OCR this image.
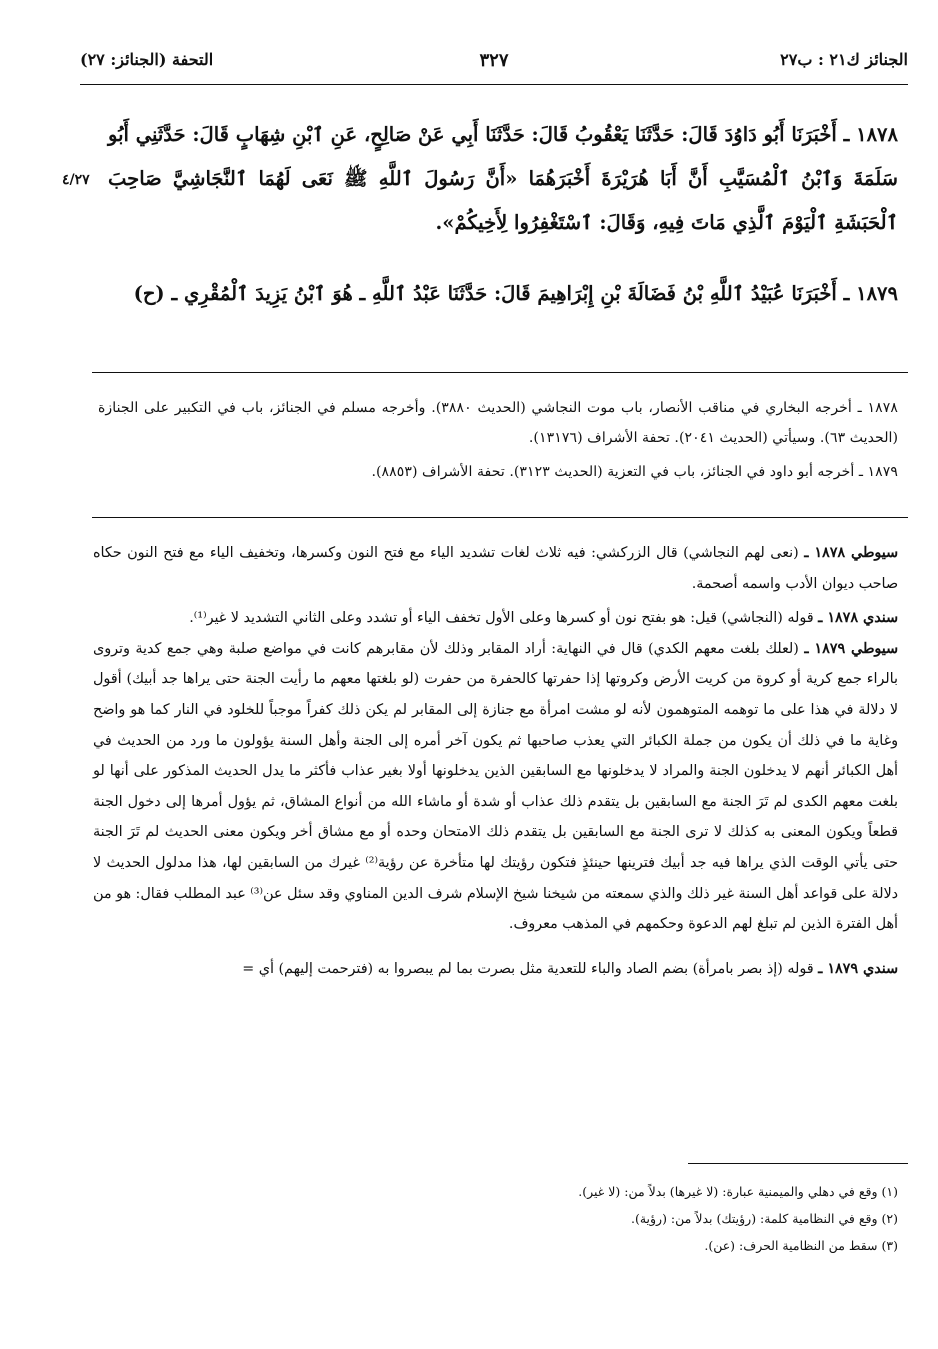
الجنائز ك٢١ : ب٢٧
٣٢٧
التحفة (الجنائز: ٢٧)
٤/٢٧
١٨٧٨ ـ أَخْبَرَنَا أَبُو دَاوُدَ قَالَ: حَدَّثَنَا يَعْقُوبُ قَالَ: حَدَّثَنَا أَبِي عَنْ صَالِحٍ، عَنِ ٱبْنِ شِهَابٍ قَالَ: حَدَّثَنِي أَبُو سَلَمَةَ وَٱبْنُ ٱلْمُسَيَّبِ أَنَّ أَبَا هُرَيْرَةَ أَخْبَرَهُمَا «أَنَّ رَسُولَ ٱللَّهِ ﷺ نَعَى لَهُمَا ٱلنَّجَاشِيَّ صَاحِبَ ٱلْحَبَشَةِ ٱلْيَوْمَ ٱلَّذِي مَاتَ فِيهِ، وَقَالَ: ٱسْتَغْفِرُوا لِأَخِيكُمْ».
١٨٧٩ ـ أَخْبَرَنَا عُبَيْدُ ٱللَّهِ بْنُ فَضَالَةَ بْنِ إِبْرَاهِيمَ قَالَ: حَدَّثَنَا عَبْدُ ٱللَّهِ ـ هُوَ ٱبْنُ يَزِيدَ ٱلْمُقْرِي ـ (ح)

١٨٧٨ ـ أخرجه البخاري في مناقب الأنصار، باب موت النجاشي (الحديث ٣٨٨٠). وأخرجه مسلم في الجنائز، باب في التكبير على الجنازة (الحديث ٦٣). وسيأتي (الحديث ٢٠٤١). تحفة الأشراف (١٣١٧٦).

١٨٧٩ ـ أخرجه أبو داود في الجنائز، باب في التعزية (الحديث ٣١٢٣). تحفة الأشراف (٨٨٥٣).

سيوطي ١٨٧٨ ـ (نعى لهم النجاشي) قال الزركشي: فيه ثلاث لغات تشديد الياء مع فتح النون وكسرها، وتخفيف الياء مع فتح النون حكاه صاحب ديوان الأدب واسمه أصحمة.

سندي ١٨٧٨ ـ قوله (النجاشي) قيل: هو بفتح نون أو كسرها وعلى الأول تخفف الياء أو تشدد وعلى الثاني التشديد لا غير⁽¹⁾.

سيوطي ١٨٧٩ ـ (لعلك بلغت معهم الكدي) قال في النهاية: أراد المقابر وذلك لأن مقابرهم كانت في مواضع صلبة وهي جمع كدية وتروى بالراء جمع كرية أو كروة من كريت الأرض وكروتها إذا حفرتها كالحفرة من حفرت (لو بلغتها معهم ما رأيت الجنة حتى يراها جد أبيك) أقول لا دلالة في هذا على ما توهمه المتوهمون لأنه لو مشت امرأة مع جنازة إلى المقابر لم يكن ذلك كفراً موجباً للخلود في النار كما هو واضح وغاية ما في ذلك أن يكون من جملة الكبائر التي يعذب صاحبها ثم يكون آخر أمره إلى الجنة وأهل السنة يؤولون ما ورد من الحديث في أهل الكبائر أنهم لا يدخلون الجنة والمراد لا يدخلونها مع السابقين الذين يدخلونها أولا بغير عذاب فأكثر ما يدل الحديث المذكور على أنها لو بلغت معهم الكدى لم تَرَ الجنة مع السابقين بل يتقدم ذلك عذاب أو شدة أو ماشاء الله من أنواع المشاق، ثم يؤول أمرها إلى دخول الجنة قطعاً ويكون المعنى به كذلك لا ترى الجنة مع السابقين بل يتقدم ذلك الامتحان وحده أو مع مشاق أخر ويكون معنى الحديث لم تَرَ الجنة حتى يأتي الوقت الذي يراها فيه جد أبيك فترينها حينئذٍ فتكون رؤيتك لها متأخرة عن رؤية⁽²⁾ غيرك من السابقين لها، هذا مدلول الحديث لا دلالة على قواعد أهل السنة غير ذلك والذي سمعته من شيخنا شيخ الإسلام شرف الدين المناوي وقد سئل عن⁽³⁾ عبد المطلب فقال: هو من أهل الفترة الذين لم تبلغ لهم الدعوة وحكمهم في المذهب معروف.

سندي ١٨٧٩ ـ قوله (إذ بصر بامرأة) بضم الصاد والباء للتعدية مثل بصرت بما لم يبصروا به (فترحمت إليهم) أي =

(١) وقع في دهلي والميمنية عبارة: (لا غيرها) بدلاً من: (لا غير).

(٢) وقع في النظامية كلمة: (رؤيتك) بدلاً من: (رؤية).

(٣) سقط من النظامية الحرف: (عن).
